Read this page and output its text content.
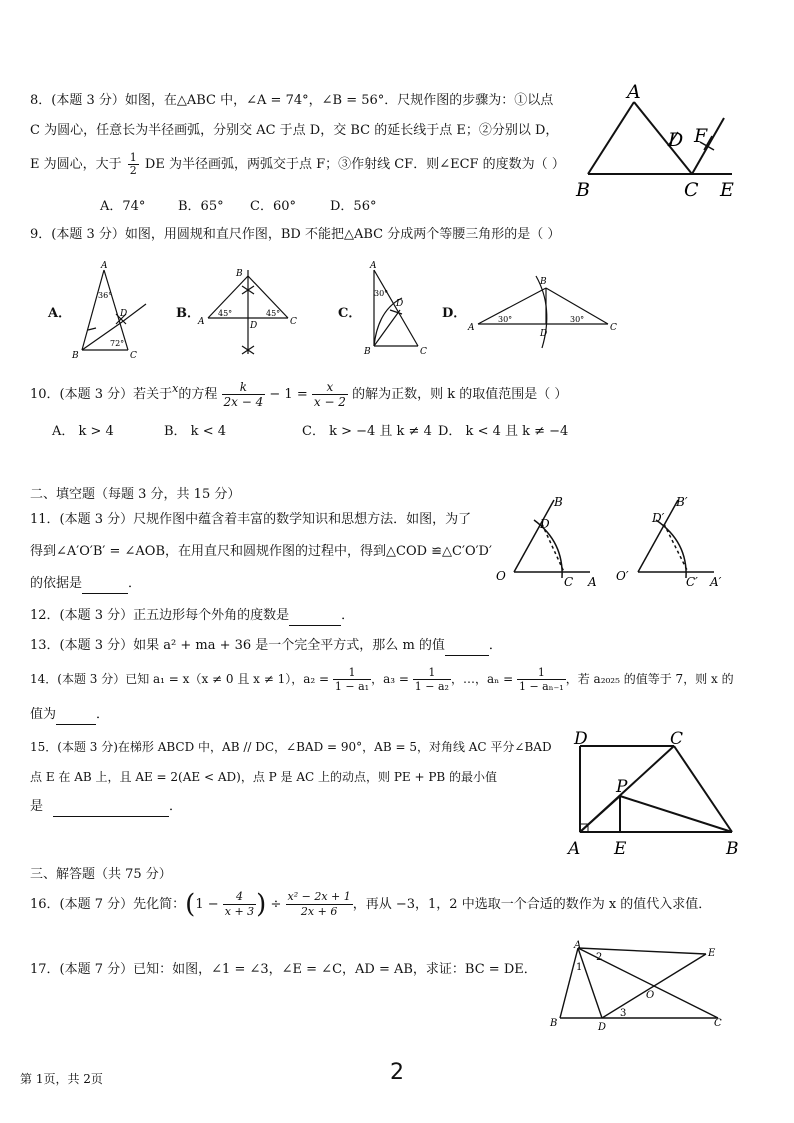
8．(本题 3 分）如图，在△ABC 中，∠A = 74°，∠B = 56°．尺规作图的步骤为：①以点
C 为圆心，任意长为半径画弧，分别交 AC 于点 D，交 BC 的延长线于点 E；②分别以 D，
E 为圆心，大于 $\frac{1}{2}$ DE 为半径画弧，两弧交于点 F；③作射线 CF．则∠ECF 的度数为（ ）
A．74°	B．65° C．60°	D．56°
A
B	C
D
E
F
9．(本题 3 分）如图，用圆规和直尺作图，BD 不能把△ABC 分成两个等腰三角形的是（ ）
A．
A
36°
B	C
D
72°
B．
B
A	C
D
45°	45°	C．
A
30°
B	C
D
D．
A
B
C
D
30°	30°
10．(本题 3 分）若关于$^x$的方程 $\frac{k}{2x - 4} - 1 = \frac{x}{x - 2}$ 的解为正数，则 k 的取值范围是（ ）
A． k > 4	B． k < 4	C． k > −4 且 k ≠ 4 D． k < 4 且 k ≠ −4
二、填空题（每题 3 分，共 15 分）
11．(本题 3 分）尺规作图中蕴含着丰富的数学知识和思想方法．如图，为了
得到∠A′O′B′ = ∠AOB，在用直尺和圆规作图的过程中，得到△COD ≌△C′O′D′
的依据是	．	O	C A
B
D
O′	C′ A′
B′
D′
12．(本题 3 分）正五边形每个外角的度数是	．
13．(本题 3 分）如果 a² + ma + 36 是一个完全平方式，那么 m 的值	．
14．(本题 3 分）已知 a₁ = x（x ≠ 0 且 x ≠ 1），$a_2 = \frac{1}{\text{1 − a₁}}$ ，$a_3 = \frac{1}{\text{1 − a₂}}$ ，…，$a_n = \frac{1}{\text{1 − aₙ₋₁}}$ ，若 a₂₀₂₅ 的值等于 7，则 x 的
值为	．
15．(本题 3 分)在梯形 ABCD 中，AB // DC，∠BAD = 90°，AB = 5，对角线 AC 平分∠BAD
点 E 在 AB 上，且 AE = 2(AE < AD)，点 P 是 AC 上的动点，则 PE + PB 的最小值
是	．
D	C
P
A E	B
三、解答题（共 75 分）
16．(本题 7 分）先化简：($1 - \frac{4}{x + 3}$ ) ÷ $\frac{\text{x² − 2x + 1}}{2x + 6}$ ，再从 −3，1，2 中选取一个合适的数作为 x 的值代入求值．
17．(本题 7 分）已知：如图，∠1 = ∠3，∠E = ∠C，AD = AB，求证：BC = DE．
A
B	D	C
E
O
1
2
3
第 1页，共 2页	2
